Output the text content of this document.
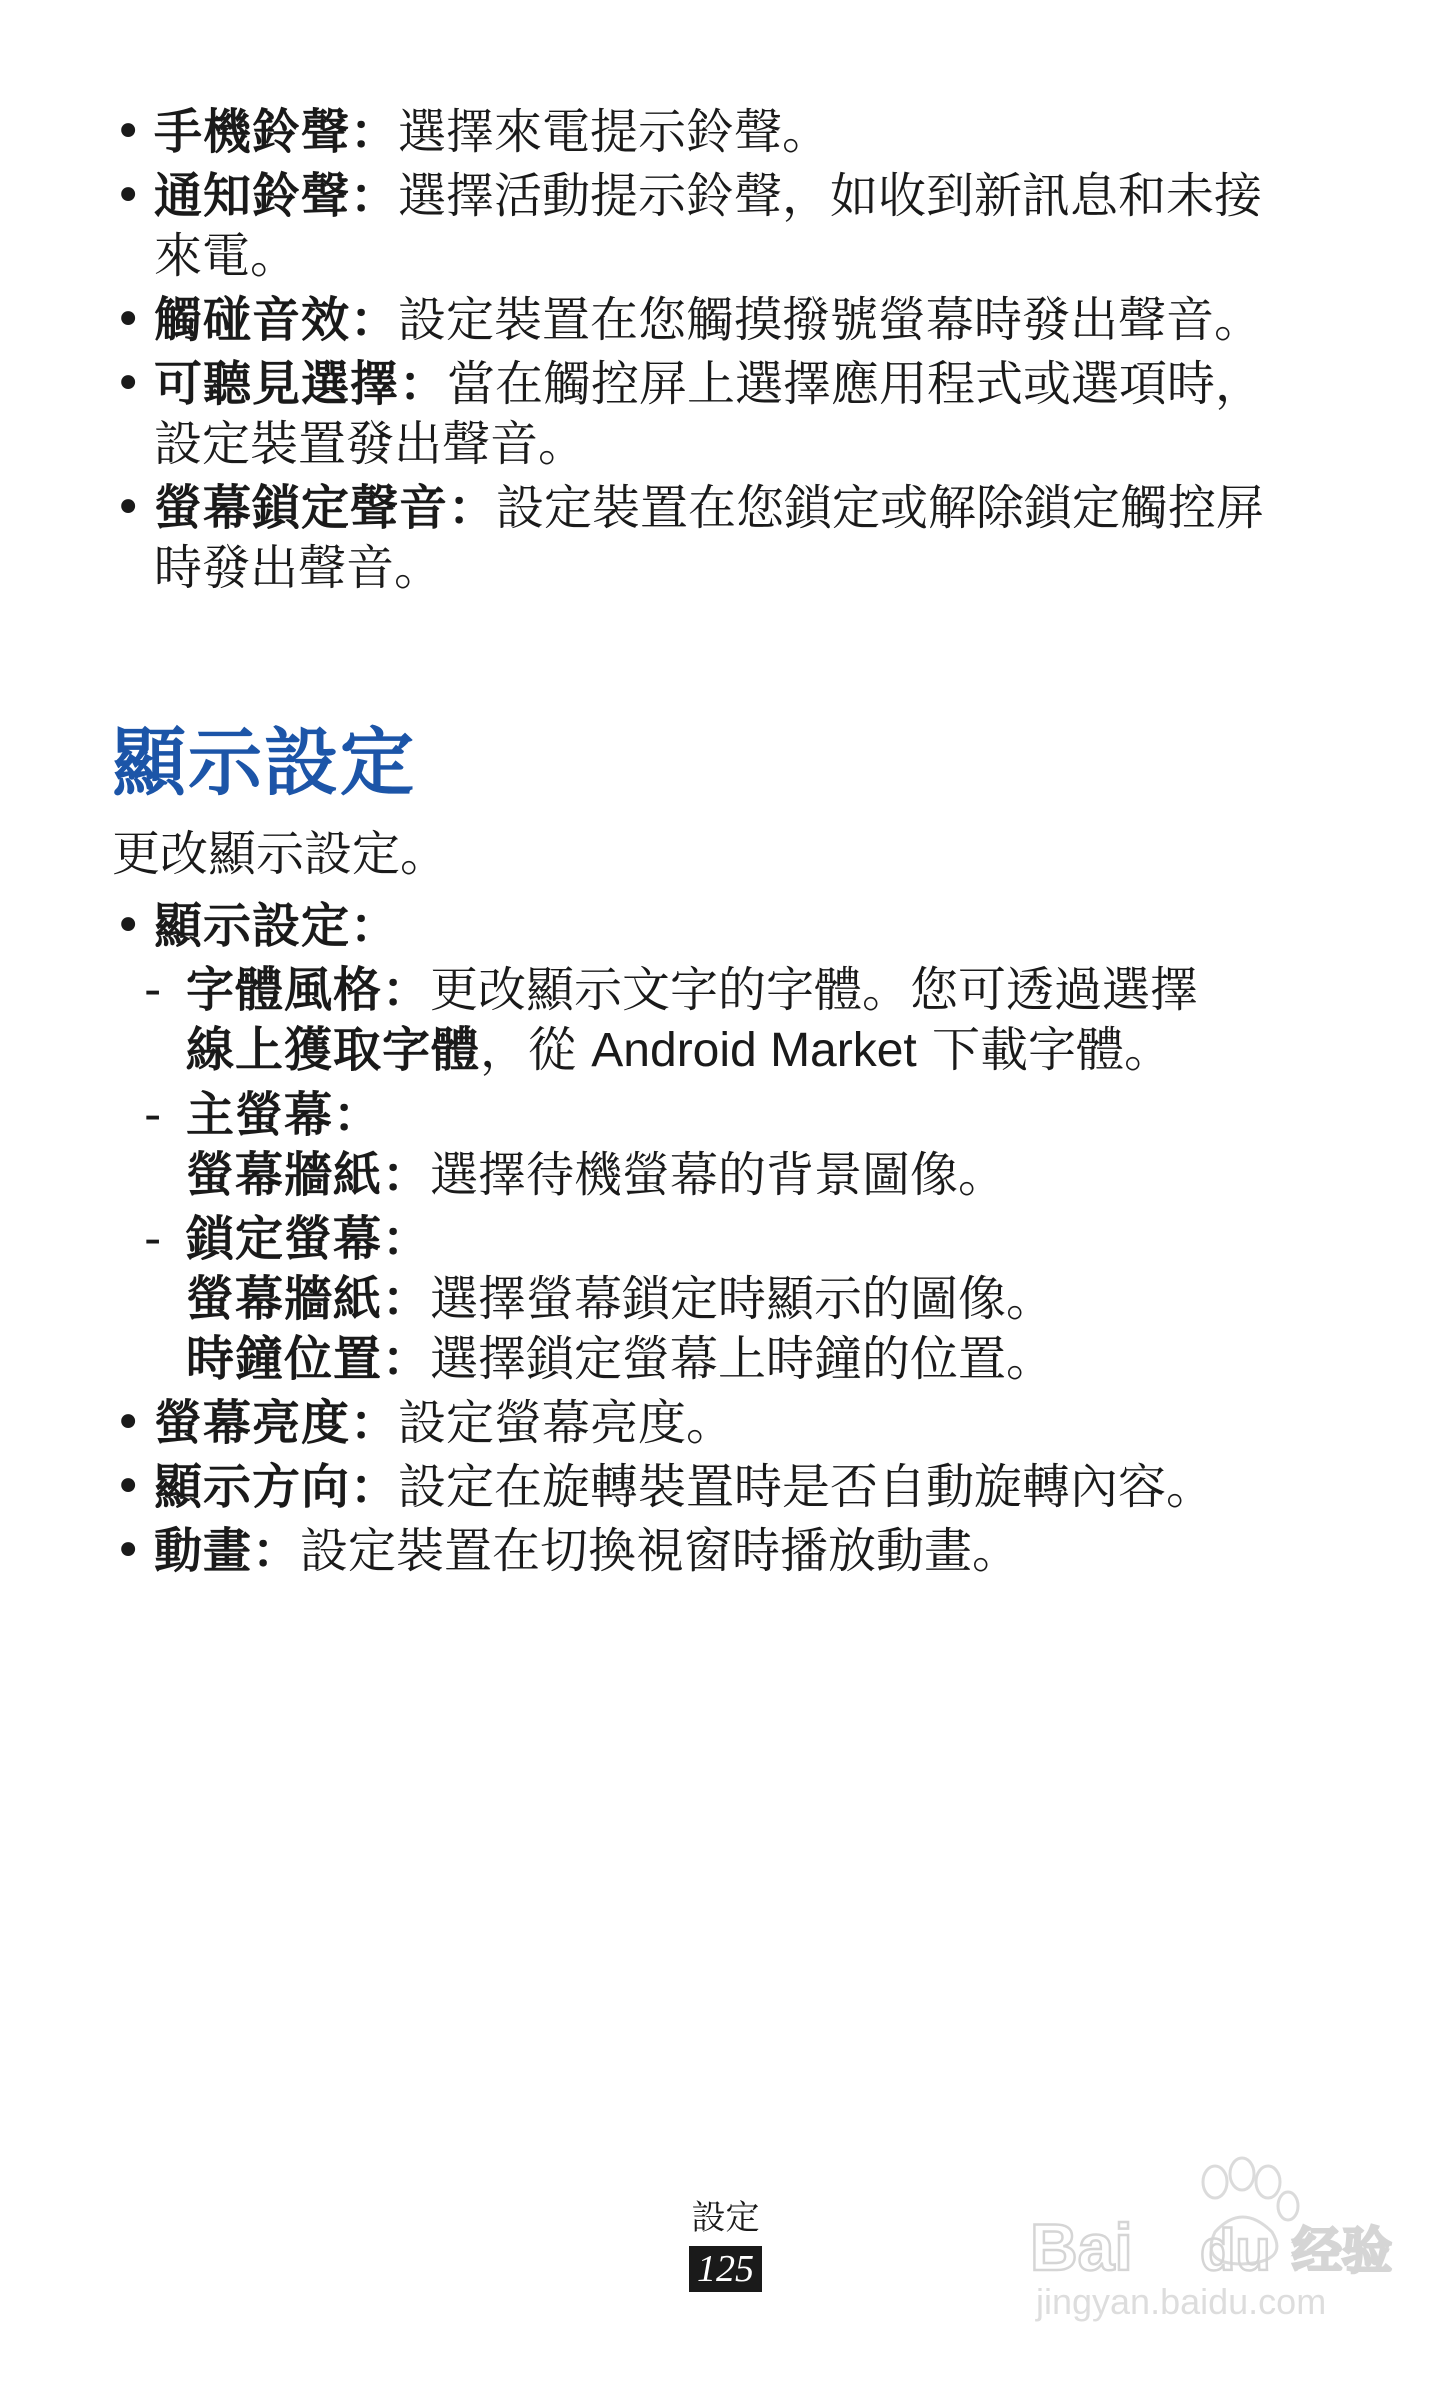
• 手機鈴聲：選擇來電提示鈴聲。
• 通知鈴聲：選擇活動提示鈴聲，如收到新訊息和未接來電。
• 觸碰音效：設定裝置在您觸摸撥號螢幕時發出聲音。
• 可聽見選擇：當在觸控屏上選擇應用程式或選項時，設定裝置發出聲音。
• 螢幕鎖定聲音：設定裝置在您鎖定或解除鎖定觸控屏時發出聲音。
顯示設定

更改顯示設定。

• 顯示設定：
- 字體風格：更改顯示文字的字體。您可透過選擇
線上獲取字體，從 Android Market 下載字體。
- 主螢幕：
螢幕牆紙：選擇待機螢幕的背景圖像。
- 鎖定螢幕：
螢幕牆紙：選擇螢幕鎖定時顯示的圖像。
時鐘位置：選擇鎖定螢幕上時鐘的位置。
• 螢幕亮度：設定螢幕亮度。
• 顯示方向：設定在旋轉裝置時是否自動旋轉內容。
• 動畫：設定裝置在切換視窗時播放動畫。
設定
125	Bai du 经验
jingyan.baidu.com
